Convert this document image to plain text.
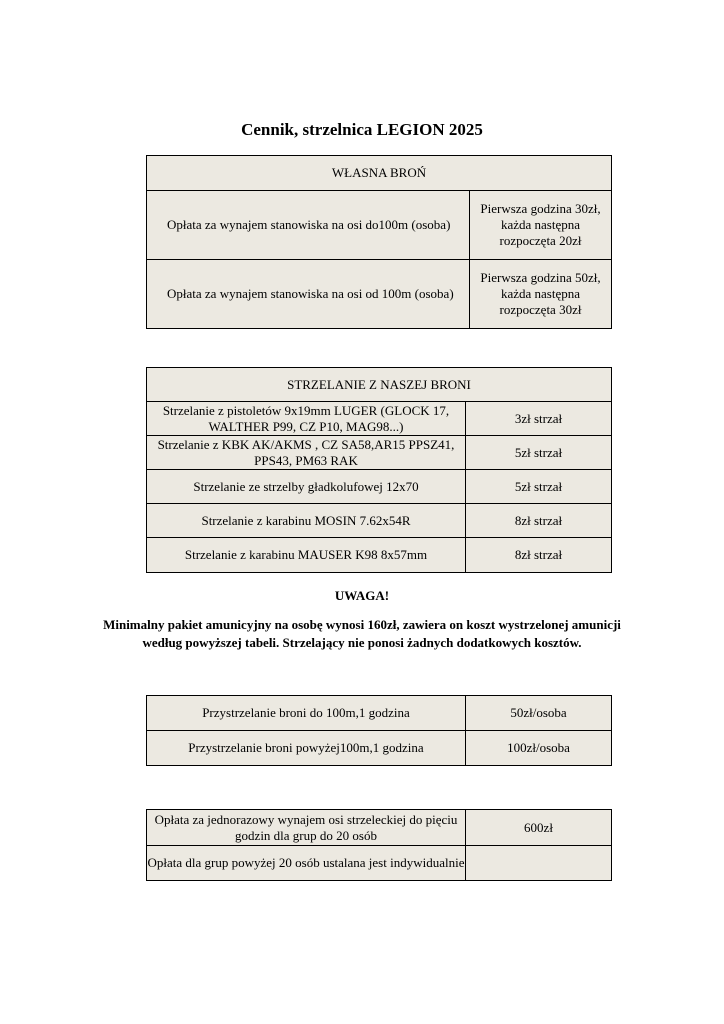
Cennik, strzelnica LEGION 2025
WŁASNA BROŃ	
Opłata za wynajem stanowiska na osi do100m (osoba)	Pierwsza godzina 30zł, każda następna rozpoczęta 20zł
Opłata za wynajem stanowiska na osi od 100m (osoba)	Pierwsza godzina 50zł, każda następna rozpoczęta 30zł
STRZELANIE Z NASZEJ BRONI	
Strzelanie z pistoletów 9x19mm LUGER (GLOCK 17, WALTHER P99, CZ P10, MAG98...)	3zł strzał
Strzelanie z KBK AK/AKMS , CZ SA58,AR15 PPSZ41, PPS43, PM63 RAK	5zł strzał
Strzelanie ze strzelby gładkolufowej 12x70	5zł strzał
Strzelanie z karabinu MOSIN 7.62x54R	8zł strzał
Strzelanie z karabinu MAUSER K98 8x57mm	8zł strzał
UWAGA!
Minimalny pakiet amunicyjny na osobę wynosi 160zł, zawiera on koszt wystrzelonej amunicji według powyższej tabeli. Strzelający nie ponosi żadnych dodatkowych kosztów.
Przystrzelanie broni do 100m,1 godzina	50zł/osoba
Przystrzelanie broni powyżej100m,1 godzina	100zł/osoba
Opłata za jednorazowy wynajem osi strzeleckiej do pięciu godzin dla grup do 20 osób	600zł
Opłata dla grup powyżej 20 osób ustalana jest indywidualnie	
